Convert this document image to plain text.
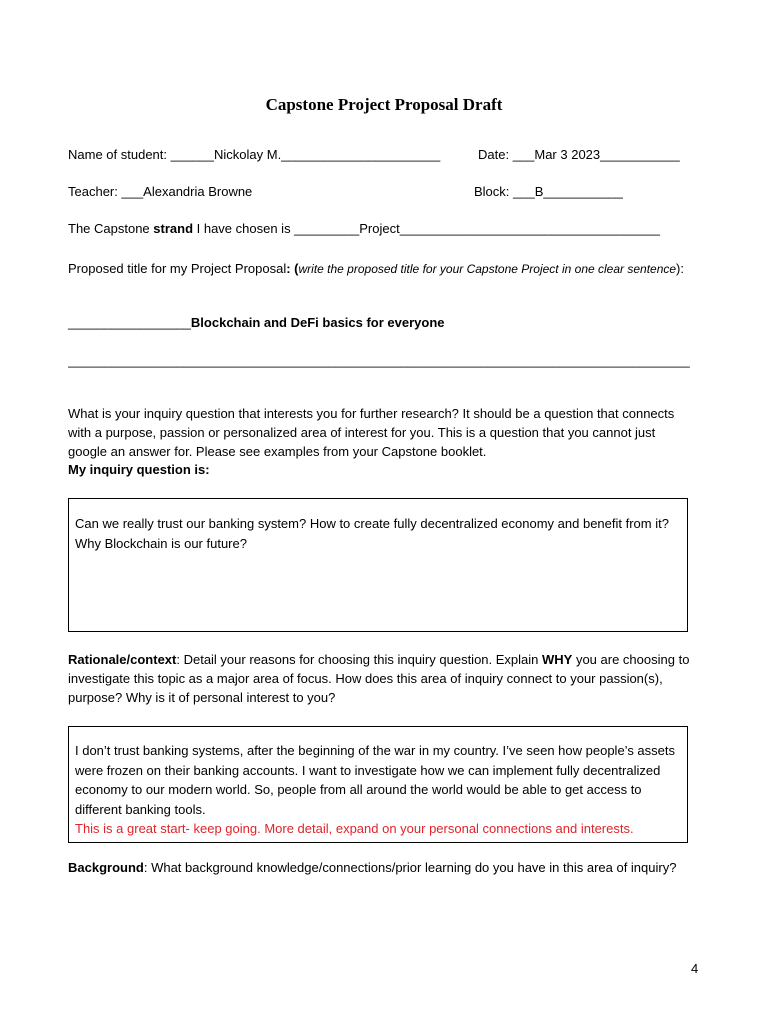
Capstone Project Proposal Draft
Name of student: ______Nickolay M.______________________	Date: ___Mar 3 2023___________
Teacher: ___Alexandria Browne	Block: ___B___________
The Capstone strand I have chosen is _________Project____________________________________
Proposed title for my Project Proposal: (write the proposed title for your Capstone Project in one clear sentence):
_________________Blockchain and DeFi basics for everyone
______________________________________________________________________________________
What is your inquiry question that interests you for further research? It should be a question that connects with a purpose, passion or personalized area of interest for you. This is a question that you cannot just google an answer for. Please see examples from your Capstone booklet.
My inquiry question is:
Can we really trust our banking system? How to create fully decentralized economy and benefit from it? Why Blockchain is our future?
Rationale/context: Detail your reasons for choosing this inquiry question. Explain WHY you are choosing to investigate this topic as a major area of focus. How does this area of inquiry connect to your passion(s), purpose? Why is it of personal interest to you?
I don’t trust banking systems, after the beginning of the war in my country. I’ve seen how people’s assets were frozen on their banking accounts. I want to investigate how we can implement fully decentralized economy to our modern world. So, people from all around the world would be able to get access to different banking tools.
This is a great start- keep going. More detail, expand on your personal connections and interests.
Background: What background knowledge/connections/prior learning do you have in this area of inquiry?
4
